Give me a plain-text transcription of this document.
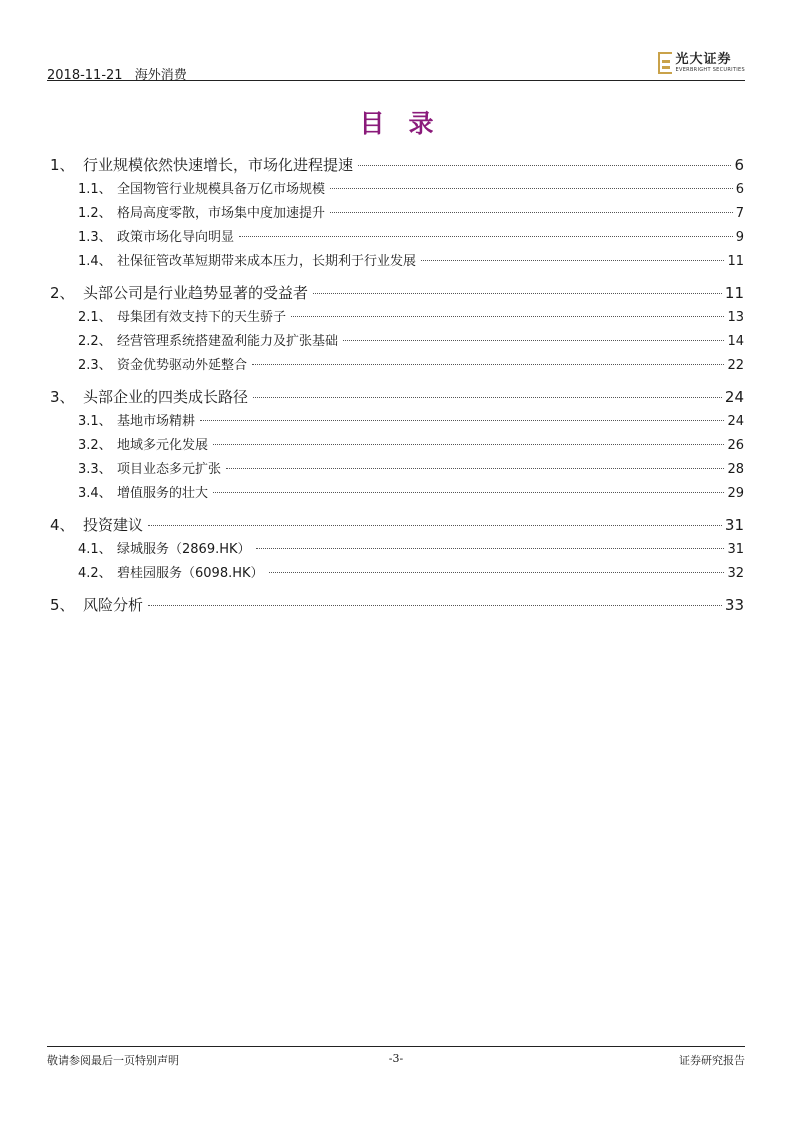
2018-11-21 海外消费
光大证券
EVERBRIGHT SECURITIES
目录
1、 行业规模依然快速增长，市场化进程提速	6
1.1、 全国物管行业规模具备万亿市场规模	6
1.2、 格局高度零散，市场集中度加速提升	7
1.3、 政策市场化导向明显	9
1.4、 社保征管改革短期带来成本压力，长期利于行业发展	11
2、 头部公司是行业趋势显著的受益者	11
2.1、 母集团有效支持下的天生骄子	13
2.2、 经营管理系统搭建盈利能力及扩张基础	14
2.3、 资金优势驱动外延整合	22
3、 头部企业的四类成长路径	24
3.1、 基地市场精耕	24
3.2、 地域多元化发展	26
3.3、 项目业态多元扩张	28
3.4、 增值服务的壮大	29
4、 投资建议	31
4.1、 绿城服务（2869.HK）	31
4.2、 碧桂园服务（6098.HK）	32
5、 风险分析	33
敬请参阅最后一页特别声明	-3-	证券研究报告
